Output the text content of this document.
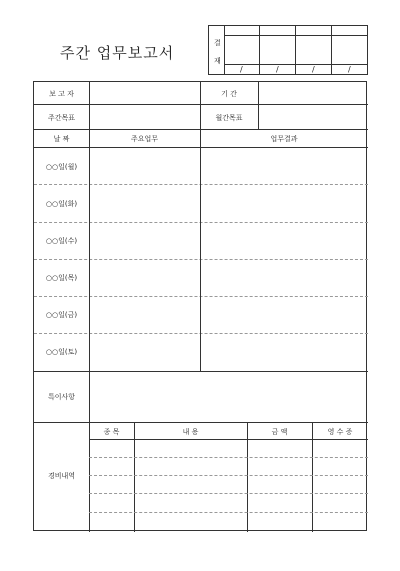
주간 업무보고서
결
재
/	/	/	/
보 고 자	기 간
주간목표	월간목표
날 짜	주요업무	업무결과
○○일(월)
○○일(화)
○○일(수)
○○일(목)
○○일(금)
○○일(토)
특이사항
경비내역
종 목	내 용	금 액	영 수 증
